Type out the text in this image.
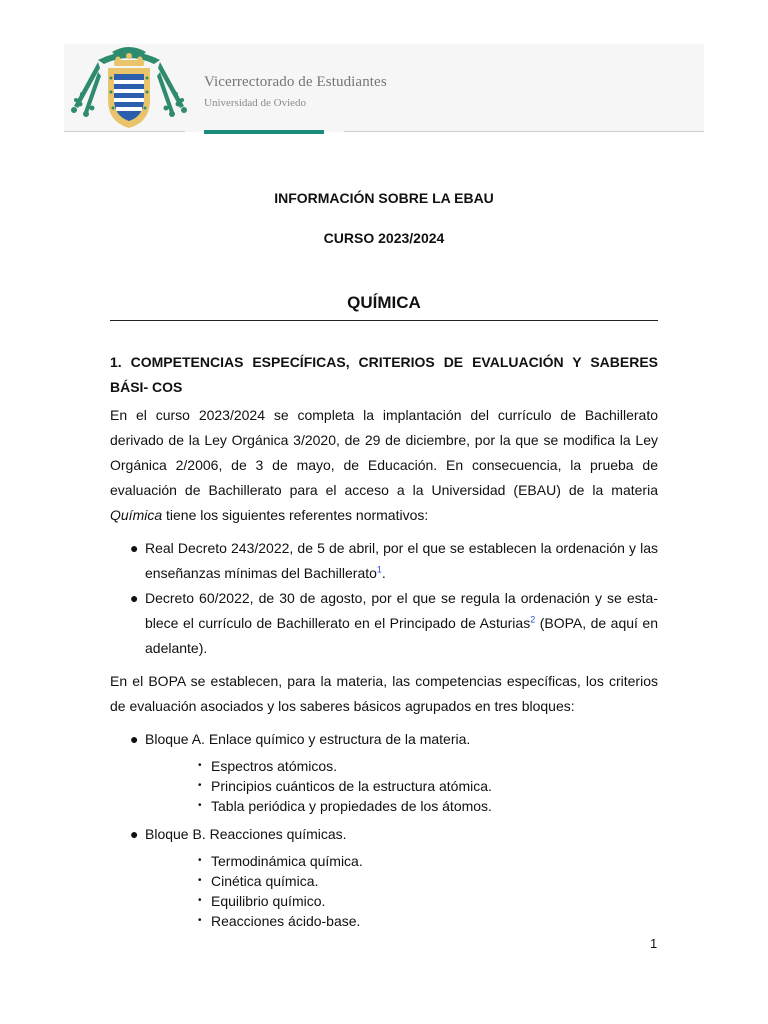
Vicerrectorado de Estudiantes
Universidad de Oviedo
INFORMACIÓN SOBRE LA EBAU
CURSO 2023/2024
QUÍMICA

1. COMPETENCIAS ESPECÍFICAS, CRITERIOS DE EVALUACIÓN Y SABERES BÁSI- COS

En el curso 2023/2024 se completa la implantación del currículo de Bachillerato derivado de la Ley Orgánica 3/2020, de 29 de diciembre, por la que se modifica la Ley Orgánica 2/2006, de 3 de mayo, de Educación. En consecuencia, la prueba de evaluación de Bachillerato para el acceso a la Universidad (EBAU) de la materia Química tiene los siguientes referentes normativos:

● Real Decreto 243/2022, de 5 de abril, por el que se establecen la ordenación y las enseñanzas mínimas del Bachillerato$^1$.
● Decreto 60/2022, de 30 de agosto, por el que se regula la ordenación y se esta- blece el currículo de Bachillerato en el Principado de Asturias$^2$ (BOPA, de aquí en adelante).

En el BOPA se establecen, para la materia, las competencias específicas, los criterios de evaluación asociados y los saberes básicos agrupados en tres bloques:

● Bloque A. Enlace químico y estructura de la materia.
• Espectros atómicos.
• Principios cuánticos de la estructura atómica.
• Tabla periódica y propiedades de los átomos.
● Bloque B. Reacciones químicas.
• Termodinámica química.
• Cinética química.
• Equilibrio químico.
• Reacciones ácido-base.
1
